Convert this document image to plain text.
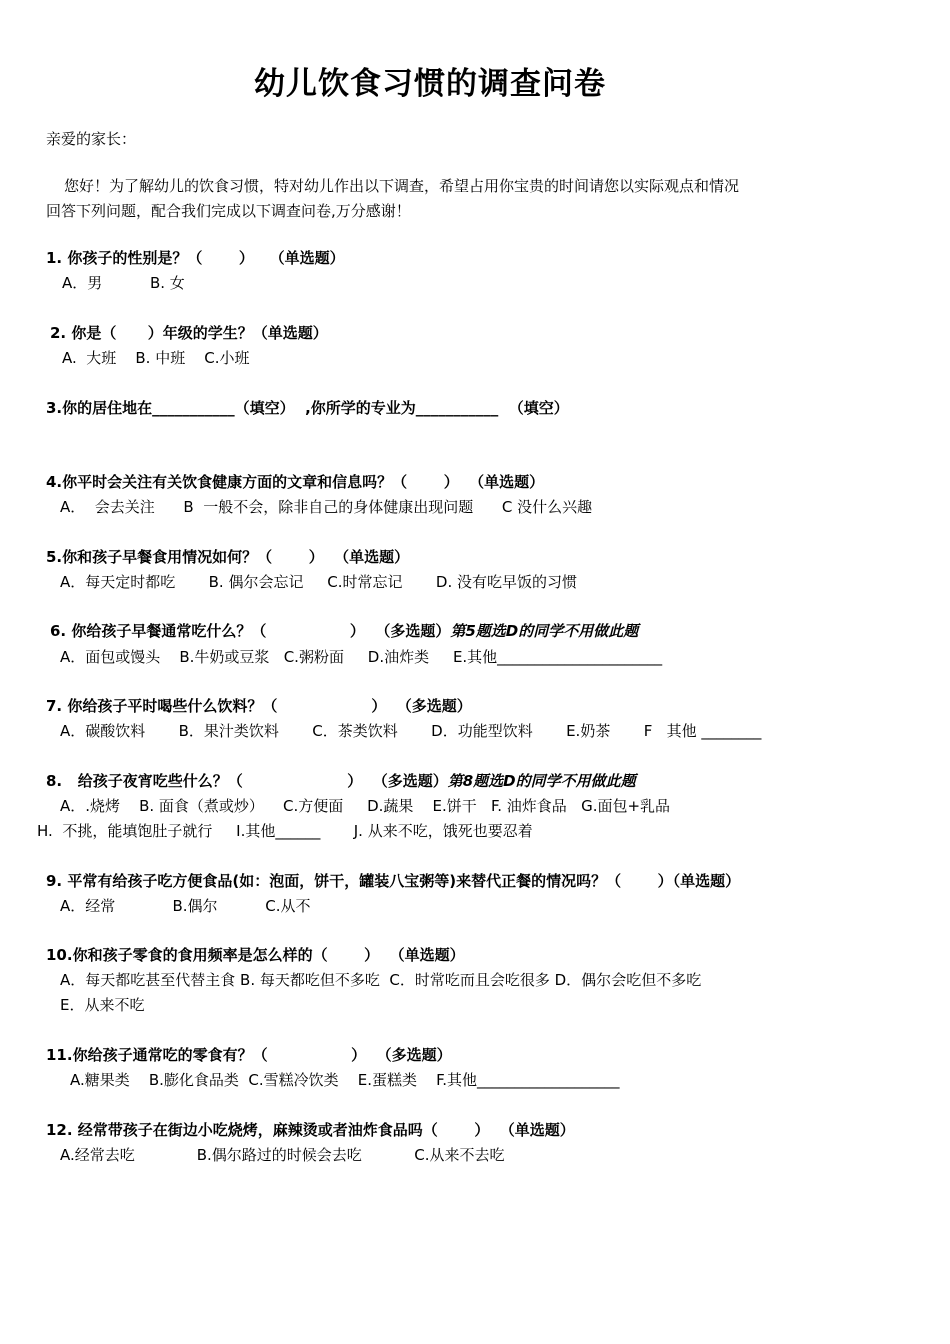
幼儿饮食习惯的调查问卷
亲爱的家长：
您好！为了解幼儿的饮食习惯，特对幼儿作出以下调查，希望占用你宝贵的时间请您以实际观点和情况
回答下列问题，配合我们完成以下调查问卷,万分感谢！
1. 你孩子的性别是？（       ）   （单选题）
A．男          B. 女
2. 你是（      ）年级的学生？（单选题）
A.  大班    B. 中班    C.小班
3.你的居住地在___________（填空）  ,你所学的专业为___________  （填空）
4.你平时会关注有关饮食健康方面的文章和信息吗？（       ）  （单选题）
A．  会去关注      B  一般不会，除非自己的身体健康出现问题      C 没什么兴趣
5.你和孩子早餐食用情况如何？（       ）  （单选题）
A．每天定时都吃       B. 偶尔会忘记     C.时常忘记       D. 没有吃早饭的习惯
6. 你给孩子早餐通常吃什么？（                ）  （多选题）第5题选D的同学不用做此题
A．面包或馒头    B.牛奶或豆浆   C.粥粉面     D.油炸类     E.其他______________________
7. 你给孩子平时喝些什么饮料？（                  ）  （多选题）
A．碳酸饮料       B．果汁类饮料       C．茶类饮料       D．功能型饮料       E.奶茶       F   其他 ________
8.   给孩子夜宵吃些什么？（                    ）  （多选题）第8题选D的同学不用做此题
A．.烧烤    B. 面食（煮或炒）    C.方便面     D.蔬果    E.饼干   F. 油炸食品   G.面包+乳品
H.  不挑，能填饱肚子就行     I.其他______       J. 从来不吃，饿死也要忍着
9. 平常有给孩子吃方便食品(如：泡面，饼干，罐装八宝粥等)来替代正餐的情况吗？（       ）（单选题）
A．经常            B.偶尔          C.从不
10.你和孩子零食的食用频率是怎么样的（       ）  （单选题）
A．每天都吃甚至代替主食 B. 每天都吃但不多吃  C．时常吃而且会吃很多 D．偶尔会吃但不多吃
E．从来不吃
11.你给孩子通常吃的零食有？（                ）  （多选题）
A.糖果类    B.膨化食品类  C.雪糕冷饮类    E.蛋糕类    F.其他___________________
12. 经常带孩子在街边小吃烧烤，麻辣烫或者油炸食品吗（       ）  （单选题）
A.经常去吃             B.偶尔路过的时候会去吃           C.从来不去吃
